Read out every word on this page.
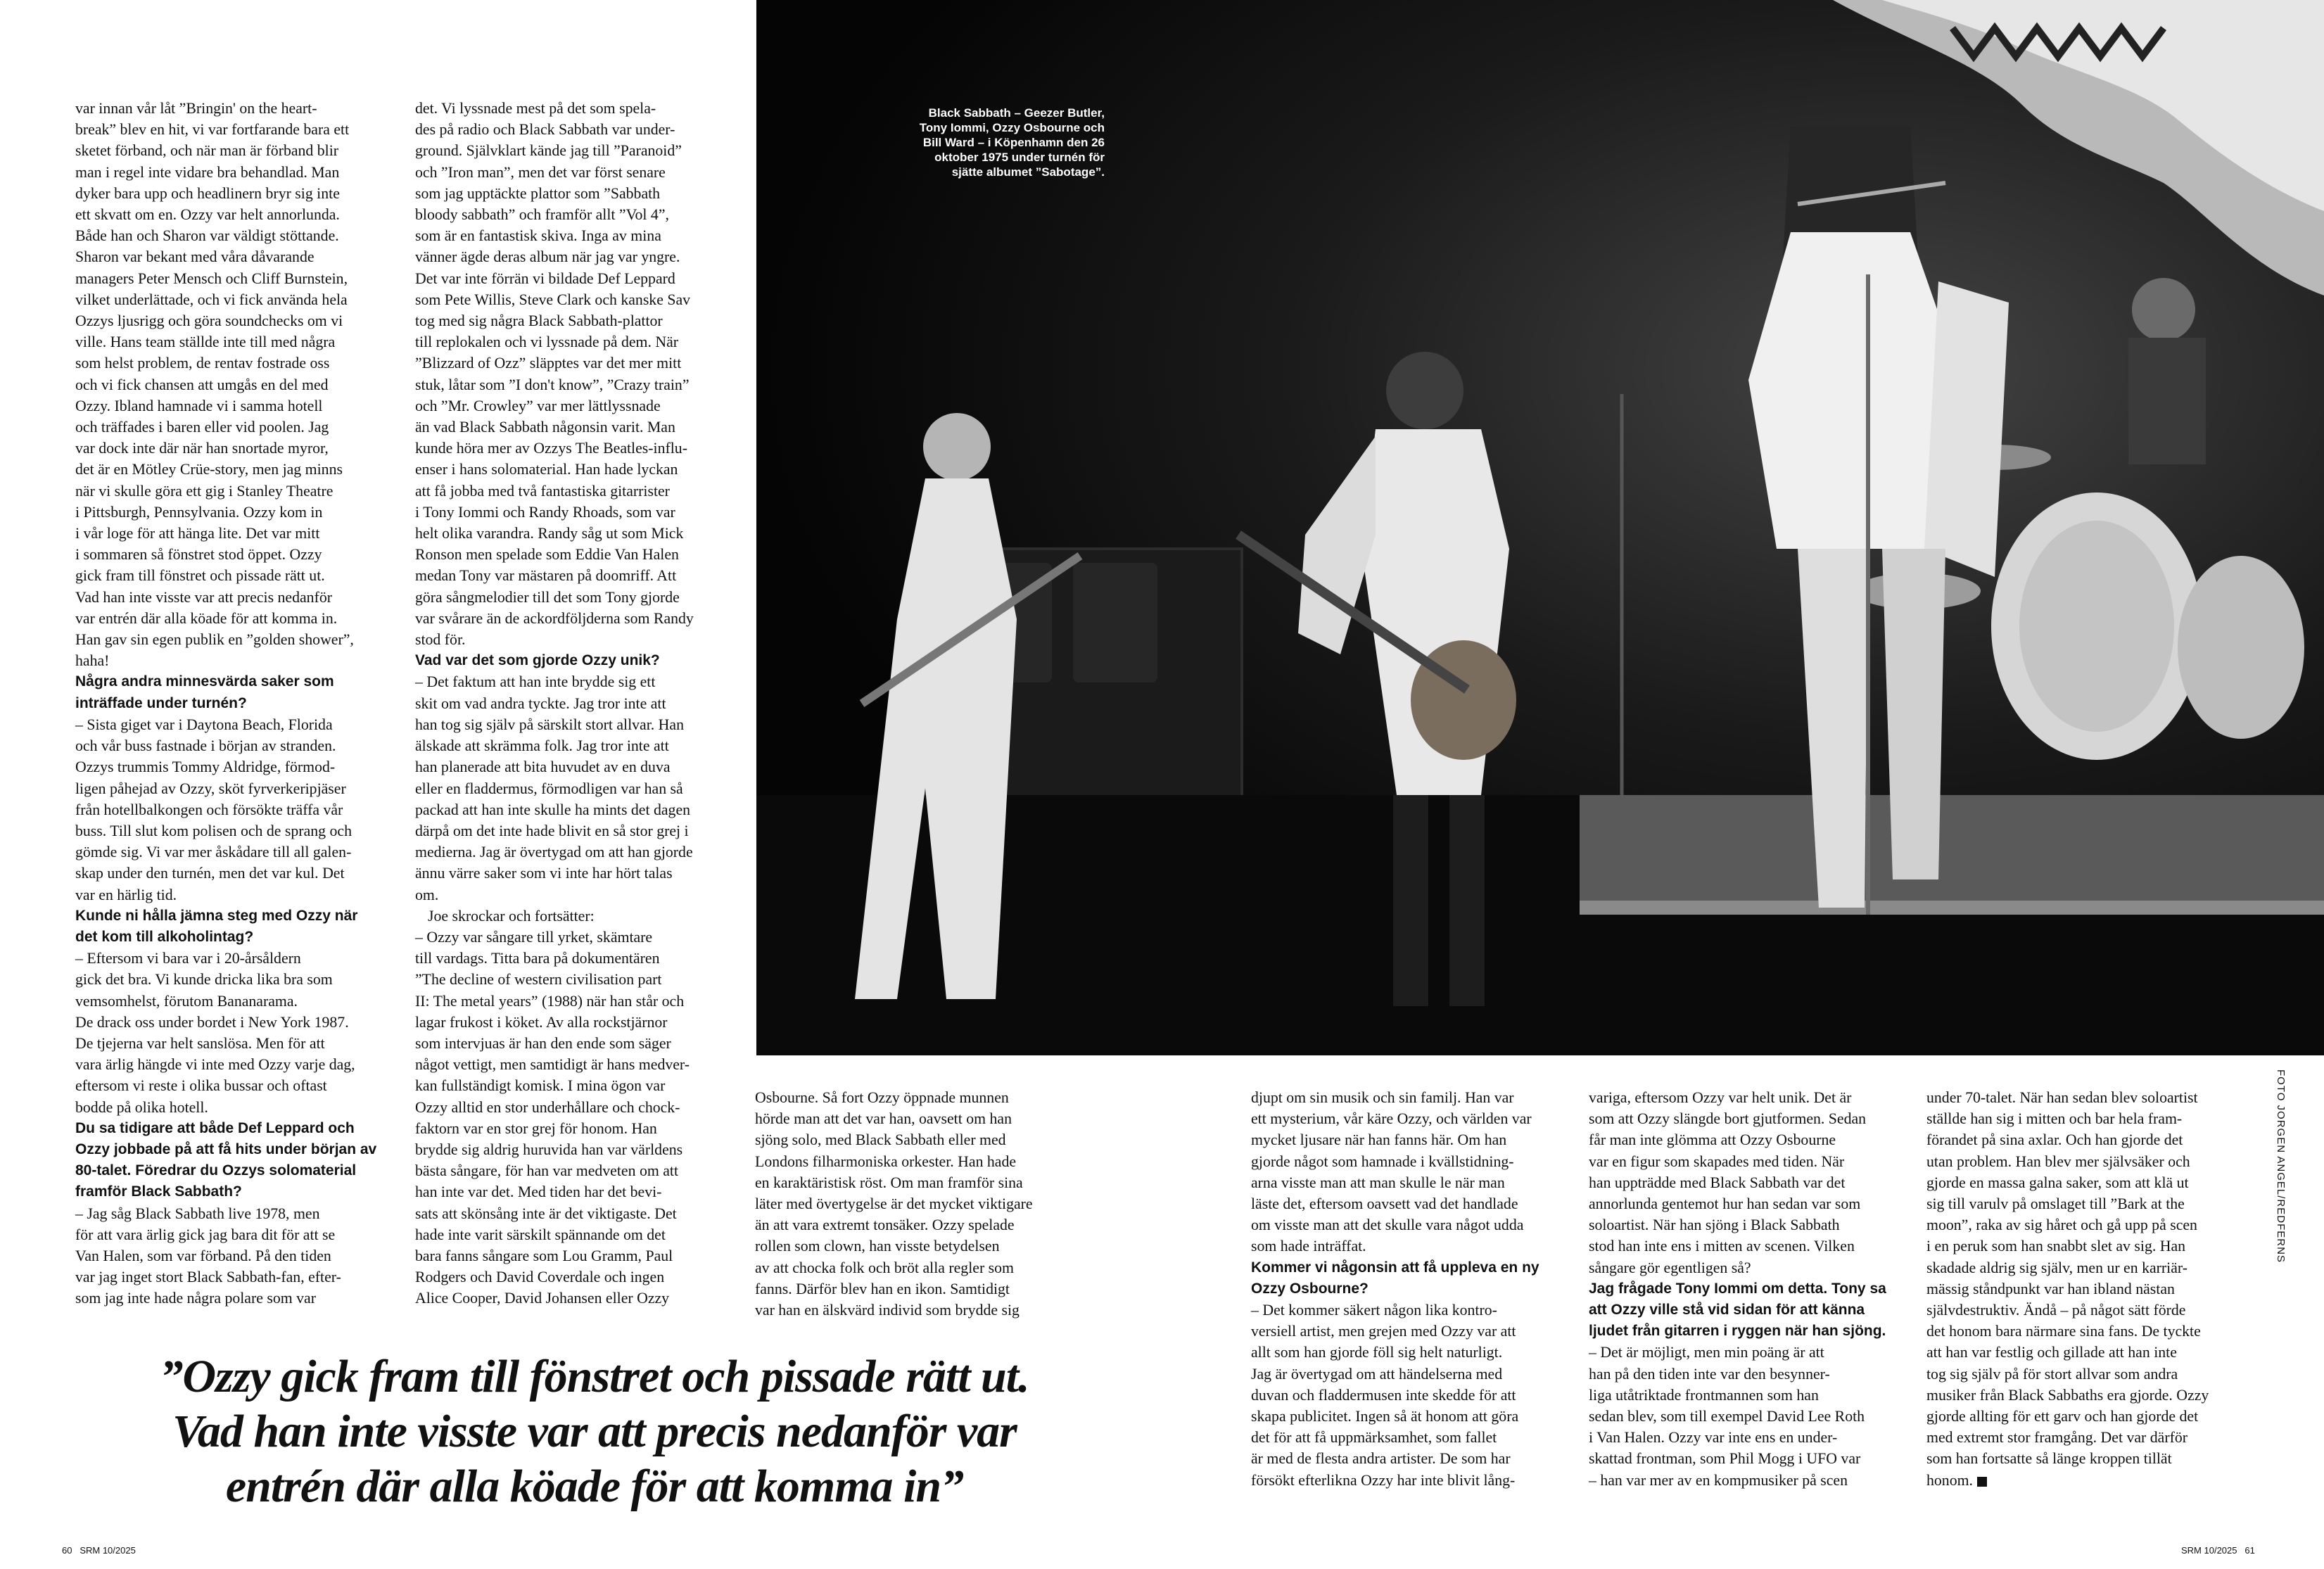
Black Sabbath – Geezer Butler,
Tony Iommi, Ozzy Osbourne och
Bill Ward – i Köpenhamn den 26
oktober 1975 under turnén för
sjätte albumet ”Sabotage”.

var innan vår låt ”Bringin' on the heart-

break” blev en hit, vi var fortfarande bara ett

sketet förband, och när man är förband blir

man i regel inte vidare bra behandlad. Man

dyker bara upp och headlinern bryr sig inte

ett skvatt om en. Ozzy var helt annorlunda.

Både han och Sharon var väldigt stöttande.

Sharon var bekant med våra dåvarande

managers Peter Mensch och Cliff Burnstein,

vilket underlättade, och vi fick använda hela

Ozzys ljusrigg och göra soundchecks om vi

ville. Hans team ställde inte till med några

som helst problem, de rentav fostrade oss

och vi fick chansen att umgås en del med

Ozzy. Ibland hamnade vi i samma hotell

och träffades i baren eller vid poolen. Jag

var dock inte där när han snortade myror,

det är en Mötley Crüe-story, men jag minns

när vi skulle göra ett gig i Stanley Theatre

i Pittsburgh, Pennsylvania. Ozzy kom in

i vår loge för att hänga lite. Det var mitt

i sommaren så fönstret stod öppet. Ozzy

gick fram till fönstret och pissade rätt ut.

Vad han inte visste var att precis nedanför

var entrén där alla köade för att komma in.

Han gav sin egen publik en ”golden shower”,

haha!

Några andra minnesvärda saker som

inträffade under turnén?

– Sista giget var i Daytona Beach, Florida

och vår buss fastnade i början av stranden.

Ozzys trummis Tommy Aldridge, förmod-

ligen påhejad av Ozzy, sköt fyrverkeripjäser

från hotellbalkongen och försökte träffa vår

buss. Till slut kom polisen och de sprang och

gömde sig. Vi var mer åskådare till all galen-

skap under den turnén, men det var kul. Det

var en härlig tid.

Kunde ni hålla jämna steg med Ozzy när

det kom till alkoholintag?

– Eftersom vi bara var i 20-årsåldern

gick det bra. Vi kunde dricka lika bra som

vemsomhelst, förutom Bananarama.

De drack oss under bordet i New York 1987.

De tjejerna var helt sanslösa. Men för att

vara ärlig hängde vi inte med Ozzy varje dag,

eftersom vi reste i olika bussar och oftast

bodde på olika hotell.

Du sa tidigare att både Def Leppard och

Ozzy jobbade på att få hits under början av

80-talet. Föredrar du Ozzys solomaterial

framför Black Sabbath?

– Jag såg Black Sabbath live 1978, men

för att vara ärlig gick jag bara dit för att se

Van Halen, som var förband. På den tiden

var jag inget stort Black Sabbath-fan, efter-

som jag inte hade några polare som var

det. Vi lyssnade mest på det som spela-

des på radio och Black Sabbath var under-

ground. Självklart kände jag till ”Paranoid”

och ”Iron man”, men det var först senare

som jag upptäckte plattor som ”Sabbath

bloody sabbath” och framför allt ”Vol 4”,

som är en fantastisk skiva. Inga av mina

vänner ägde deras album när jag var yngre.

Det var inte förrän vi bildade Def Leppard

som Pete Willis, Steve Clark och kanske Sav

tog med sig några Black Sabbath-plattor

till replokalen och vi lyssnade på dem. När

”Blizzard of Ozz” släpptes var det mer mitt

stuk, låtar som ”I don't know”, ”Crazy train”

och ”Mr. Crowley” var mer lättlyssnade

än vad Black Sabbath någonsin varit. Man

kunde höra mer av Ozzys The Beatles-influ-

enser i hans solomaterial. Han hade lyckan

att få jobba med två fantastiska gitarrister

i Tony Iommi och Randy Rhoads, som var

helt olika varandra. Randy såg ut som Mick

Ronson men spelade som Eddie Van Halen

medan Tony var mästaren på doomriff. Att

göra sångmelodier till det som Tony gjorde

var svårare än de ackordföljderna som Randy

stod för.

Vad var det som gjorde Ozzy unik?

– Det faktum att han inte brydde sig ett

skit om vad andra tyckte. Jag tror inte att

han tog sig själv på särskilt stort allvar. Han

älskade att skrämma folk. Jag tror inte att

han planerade att bita huvudet av en duva

eller en fladdermus, förmodligen var han så

packad att han inte skulle ha mints det dagen

därpå om det inte hade blivit en så stor grej i

medierna. Jag är övertygad om att han gjorde

ännu värre saker som vi inte har hört talas

om.

Joe skrockar och fortsätter:

– Ozzy var sångare till yrket, skämtare

till vardags. Titta bara på dokumentären

”The decline of western civilisation part

II: The metal years” (1988) när han står och

lagar frukost i köket. Av alla rockstjärnor

som intervjuas är han den ende som säger

något vettigt, men samtidigt är hans medver-

kan fullständigt komisk. I mina ögon var

Ozzy alltid en stor underhållare och chock-

faktorn var en stor grej för honom. Han

brydde sig aldrig huruvida han var världens

bästa sångare, för han var medveten om att

han inte var det. Med tiden har det bevi-

sats att skönsång inte är det viktigaste. Det

hade inte varit särskilt spännande om det

bara fanns sångare som Lou Gramm, Paul

Rodgers och David Coverdale och ingen

Alice Cooper, David Johansen eller Ozzy

Osbourne. Så fort Ozzy öppnade munnen

hörde man att det var han, oavsett om han

sjöng solo, med Black Sabbath eller med

Londons filharmoniska orkester. Han hade

en karaktäristisk röst. Om man framför sina

läter med övertygelse är det mycket viktigare

än att vara extremt tonsäker. Ozzy spelade

rollen som clown, han visste betydelsen

av att chocka folk och bröt alla regler som

fanns. Därför blev han en ikon. Samtidigt

var han en älskvärd individ som brydde sig

djupt om sin musik och sin familj. Han var

ett mysterium, vår käre Ozzy, och världen var

mycket ljusare när han fanns här. Om han

gjorde något som hamnade i kvällstidning-

arna visste man att man skulle le när man

läste det, eftersom oavsett vad det handlade

om visste man att det skulle vara något udda

som hade inträffat.

Kommer vi någonsin att få uppleva en ny

Ozzy Osbourne?

– Det kommer säkert någon lika kontro-

versiell artist, men grejen med Ozzy var att

allt som han gjorde föll sig helt naturligt.

Jag är övertygad om att händelserna med

duvan och fladdermusen inte skedde för att

skapa publicitet. Ingen så ät honom att göra

det för att få uppmärksamhet, som fallet

är med de flesta andra artister. De som har

försökt efterlikna Ozzy har inte blivit lång-

variga, eftersom Ozzy var helt unik. Det är

som att Ozzy slängde bort gjutformen. Sedan

får man inte glömma att Ozzy Osbourne

var en figur som skapades med tiden. När

han uppträdde med Black Sabbath var det

annorlunda gentemot hur han sedan var som

soloartist. När han sjöng i Black Sabbath

stod han inte ens i mitten av scenen. Vilken

sångare gör egentligen så?

Jag frågade Tony Iommi om detta. Tony sa

att Ozzy ville stå vid sidan för att känna

ljudet från gitarren i ryggen när han sjöng.

– Det är möjligt, men min poäng är att

han på den tiden inte var den besynner-

liga utåtriktade frontmannen som han

sedan blev, som till exempel David Lee Roth

i Van Halen. Ozzy var inte ens en under-

skattad frontman, som Phil Mogg i UFO var

– han var mer av en kompmusiker på scen

under 70-talet. När han sedan blev soloartist

ställde han sig i mitten och bar hela fram-

förandet på sina axlar. Och han gjorde det

utan problem. Han blev mer självsäker och

gjorde en massa galna saker, som att klä ut

sig till varulv på omslaget till ”Bark at the

moon”, raka av sig håret och gå upp på scen

i en peruk som han snabbt slet av sig. Han

skadade aldrig sig själv, men ur en karriär-

mässig ståndpunkt var han ibland nästan

självdestruktiv. Ändå – på något sätt förde

det honom bara närmare sina fans. De tyckte

att han var festlig och gillade att han inte

tog sig själv på för stort allvar som andra

musiker från Black Sabbaths era gjorde. Ozzy

gjorde allting för ett garv och han gjorde det

med extremt stor framgång. Det var därför

som han fortsatte så länge kroppen tillät

honom.

”Ozzy gick fram till fönstret och pissade rätt ut.
Vad han inte visste var att precis nedanför var
entrén där alla köade för att komma in”
FOTO JORGEN ANGEL/REDFERNS
60 SRM 10/2025	SRM 10/2025 61
